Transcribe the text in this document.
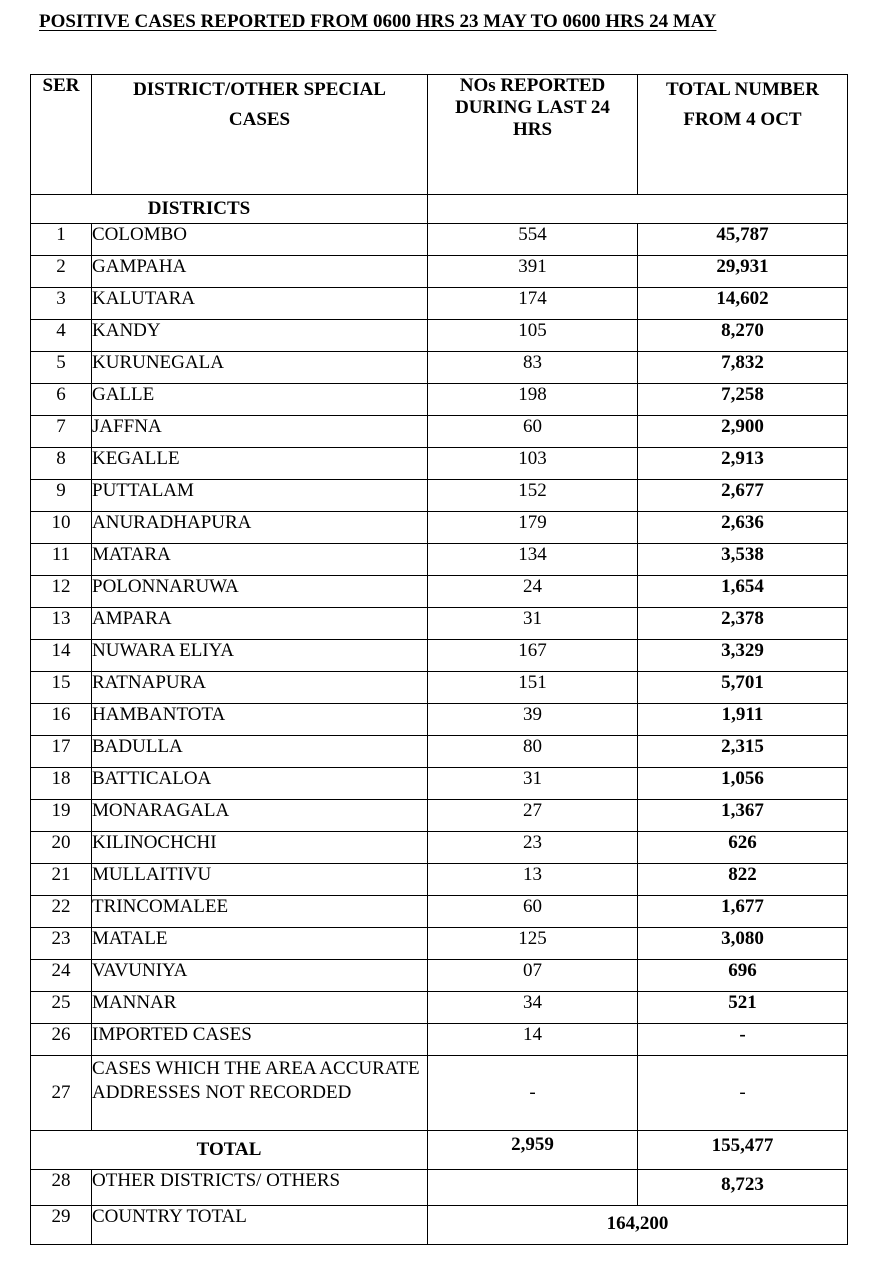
POSITIVE CASES REPORTED FROM 0600 HRS 23 MAY TO 0600 HRS 24 MAY

SER	DISTRICT/OTHER SPECIAL CASES	NOs REPORTED DURING LAST 24 HRS	TOTAL NUMBER FROM 4 OCT
DISTRICTS			
1	COLOMBO	554	45,787
2	GAMPAHA	391	29,931
3	KALUTARA	174	14,602
4	KANDY	105	8,270
5	KURUNEGALA	83	7,832
6	GALLE	198	7,258
7	JAFFNA	60	2,900
8	KEGALLE	103	2,913
9	PUTTALAM	152	2,677
10	ANURADHAPURA	179	2,636
11	MATARA	134	3,538
12	POLONNARUWA	24	1,654
13	AMPARA	31	2,378
14	NUWARA ELIYA	167	3,329
15	RATNAPURA	151	5,701
16	HAMBANTOTA	39	1,911
17	BADULLA	80	2,315
18	BATTICALOA	31	1,056
19	MONARAGALA	27	1,367
20	KILINOCHCHI	23	626
21	MULLAITIVU	13	822
22	TRINCOMALEE	60	1,677
23	MATALE	125	3,080
24	VAVUNIYA	07	696
25	MANNAR	34	521
26	IMPORTED CASES	14	-
27	CASES WHICH THE AREA ACCURATE ADDRESSES NOT RECORDED	-	-
TOTAL		2,959	155,477
28	OTHER DISTRICTS/ OTHERS		8,723
29	COUNTRY TOTAL	164,200	
